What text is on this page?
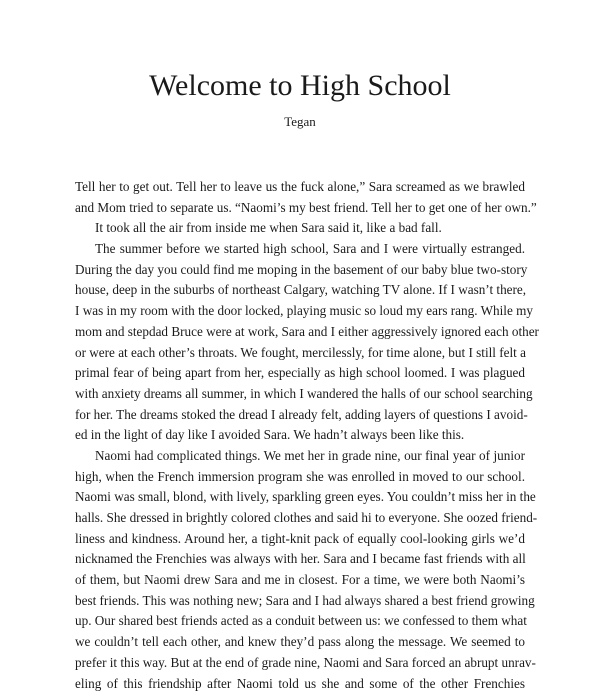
Welcome to High School

Tegan

Tell her to get out. Tell her to leave us the fuck alone,” Sara screamed as we brawled
and Mom tried to separate us. “Naomi’s my best friend. Tell her to get one of her own.”
It took all the air from inside me when Sara said it, like a bad fall.
The summer before we started high school, Sara and I were virtually estranged.
During the day you could find me moping in the basement of our baby blue two-story
house, deep in the suburbs of northeast Calgary, watching TV alone. If I wasn’t there,
I was in my room with the door locked, playing music so loud my ears rang. While my
mom and stepdad Bruce were at work, Sara and I either aggressively ignored each other
or were at each other’s throats. We fought, mercilessly, for time alone, but I still felt a
primal fear of being apart from her, especially as high school loomed. I was plagued
with anxiety dreams all summer, in which I wandered the halls of our school searching
for her. The dreams stoked the dread I already felt, adding layers of questions I avoid-
ed in the light of day like I avoided Sara. We hadn’t always been like this.
Naomi had complicated things. We met her in grade nine, our final year of junior
high, when the French immersion program she was enrolled in moved to our school.
Naomi was small, blond, with lively, sparkling green eyes. You couldn’t miss her in the
halls. She dressed in brightly colored clothes and said hi to everyone. She oozed friend-
liness and kindness. Around her, a tight-knit pack of equally cool-looking girls we’d
nicknamed the Frenchies was always with her. Sara and I became fast friends with all
of them, but Naomi drew Sara and me in closest. For a time, we were both Naomi’s
best friends. This was nothing new; Sara and I had always shared a best friend growing
up. Our shared best friends acted as a conduit between us: we confessed to them what
we couldn’t tell each other, and knew they’d pass along the message. We seemed to
prefer it this way. But at the end of grade nine, Naomi and Sara forced an abrupt unrav-
eling of this friendship after Naomi told us she and some of the other Frenchies
